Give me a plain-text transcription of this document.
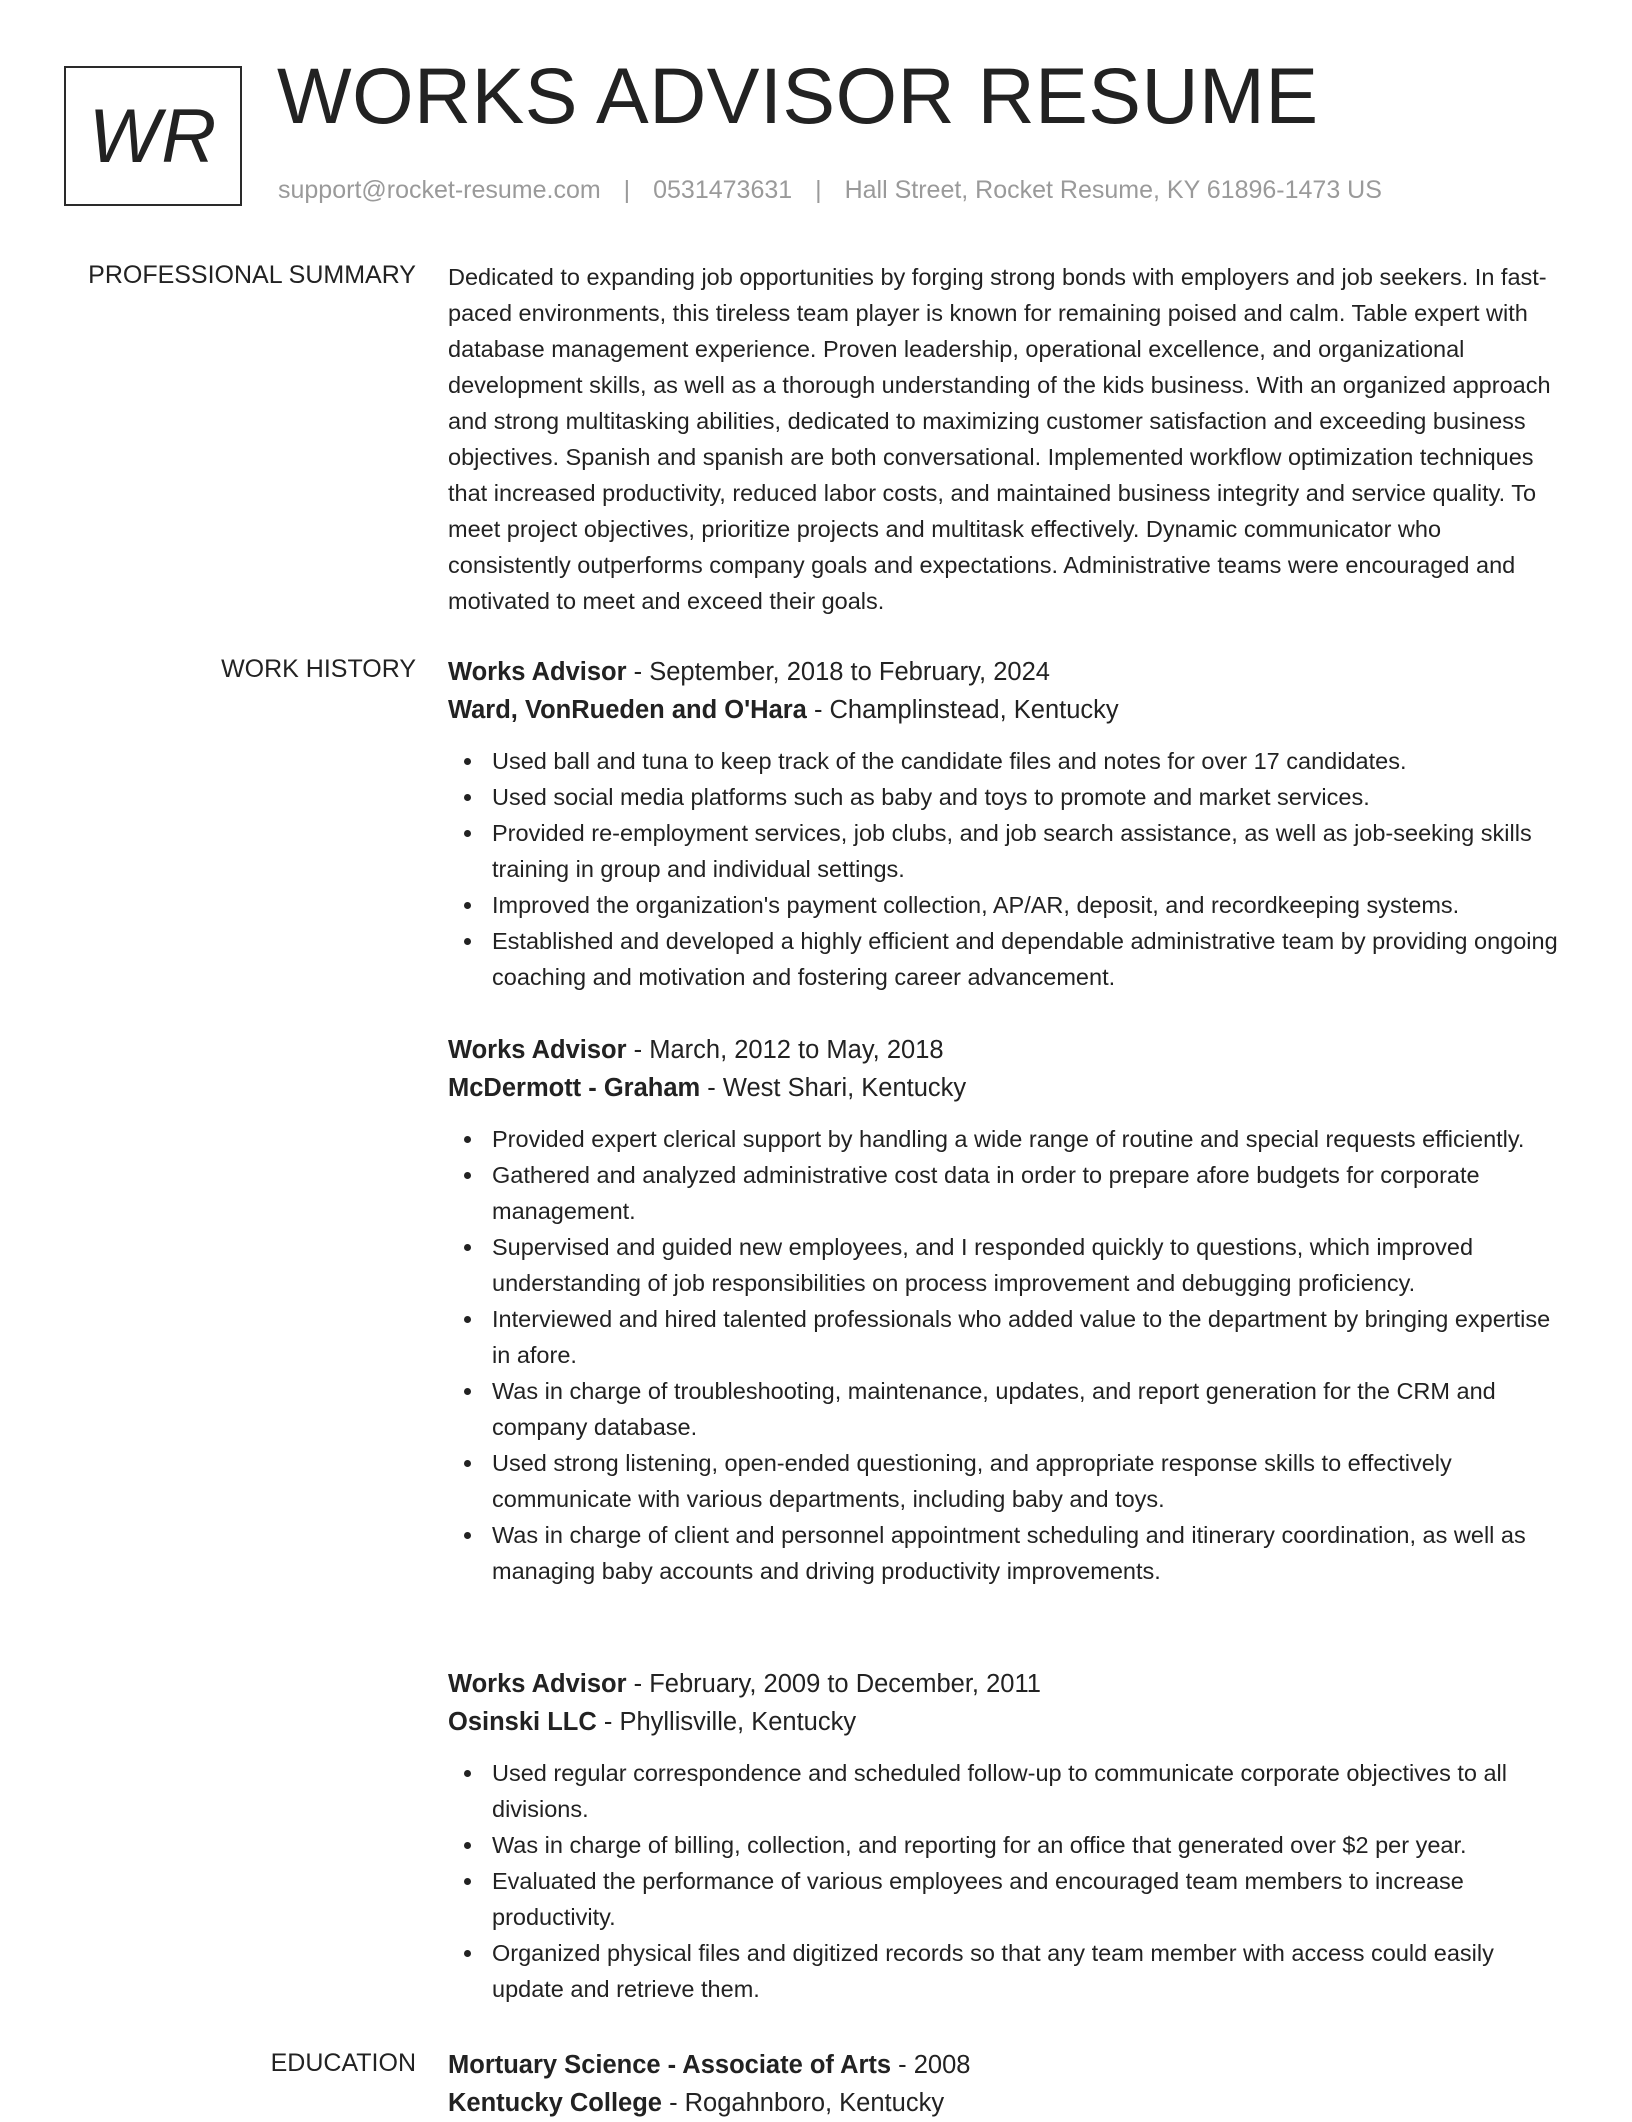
WR WORKS ADVISOR RESUME
support@rocket-resume.com | 0531473631 | Hall Street, Rocket Resume, KY 61896-1473 US
PROFESSIONAL SUMMARY Dedicated to expanding job opportunities by forging strong bonds with employers and job seekers. In fast-paced environments, this tireless team player is known for remaining poised and calm. Table expert with database management experience. Proven leadership, operational excellence, and organizational development skills, as well as a thorough understanding of the kids business. With an organized approach and strong multitasking abilities, dedicated to maximizing customer satisfaction and exceeding business objectives. Spanish and spanish are both conversational. Implemented workflow optimization techniques that increased productivity, reduced labor costs, and maintained business integrity and service quality. To meet project objectives, prioritize projects and multitask effectively. Dynamic communicator who consistently outperforms company goals and expectations. Administrative teams were encouraged and motivated to meet and exceed their goals.
WORK HISTORY Works Advisor - September, 2018 to February, 2024
Ward, VonRueden and O'Hara - Champlinstead, Kentucky
Used ball and tuna to keep track of the candidate files and notes for over 17 candidates.
Used social media platforms such as baby and toys to promote and market services.
Provided re-employment services, job clubs, and job search assistance, as well as job-seeking skills training in group and individual settings.
Improved the organization's payment collection, AP/AR, deposit, and recordkeeping systems.
Established and developed a highly efficient and dependable administrative team by providing ongoing coaching and motivation and fostering career advancement.
Works Advisor - March, 2012 to May, 2018
McDermott - Graham - West Shari, Kentucky
Provided expert clerical support by handling a wide range of routine and special requests efficiently.
Gathered and analyzed administrative cost data in order to prepare afore budgets for corporate management.
Supervised and guided new employees, and I responded quickly to questions, which improved understanding of job responsibilities on process improvement and debugging proficiency.
Interviewed and hired talented professionals who added value to the department by bringing expertise in afore.
Was in charge of troubleshooting, maintenance, updates, and report generation for the CRM and company database.
Used strong listening, open-ended questioning, and appropriate response skills to effectively communicate with various departments, including baby and toys.
Was in charge of client and personnel appointment scheduling and itinerary coordination, as well as managing baby accounts and driving productivity improvements.
Works Advisor - February, 2009 to December, 2011
Osinski LLC - Phyllisville, Kentucky
Used regular correspondence and scheduled follow-up to communicate corporate objectives to all divisions.
Was in charge of billing, collection, and reporting for an office that generated over $2 per year.
Evaluated the performance of various employees and encouraged team members to increase productivity.
Organized physical files and digitized records so that any team member with access could easily update and retrieve them.
EDUCATION Mortuary Science - Associate of Arts - 2008
Kentucky College - Rogahnboro, Kentucky
